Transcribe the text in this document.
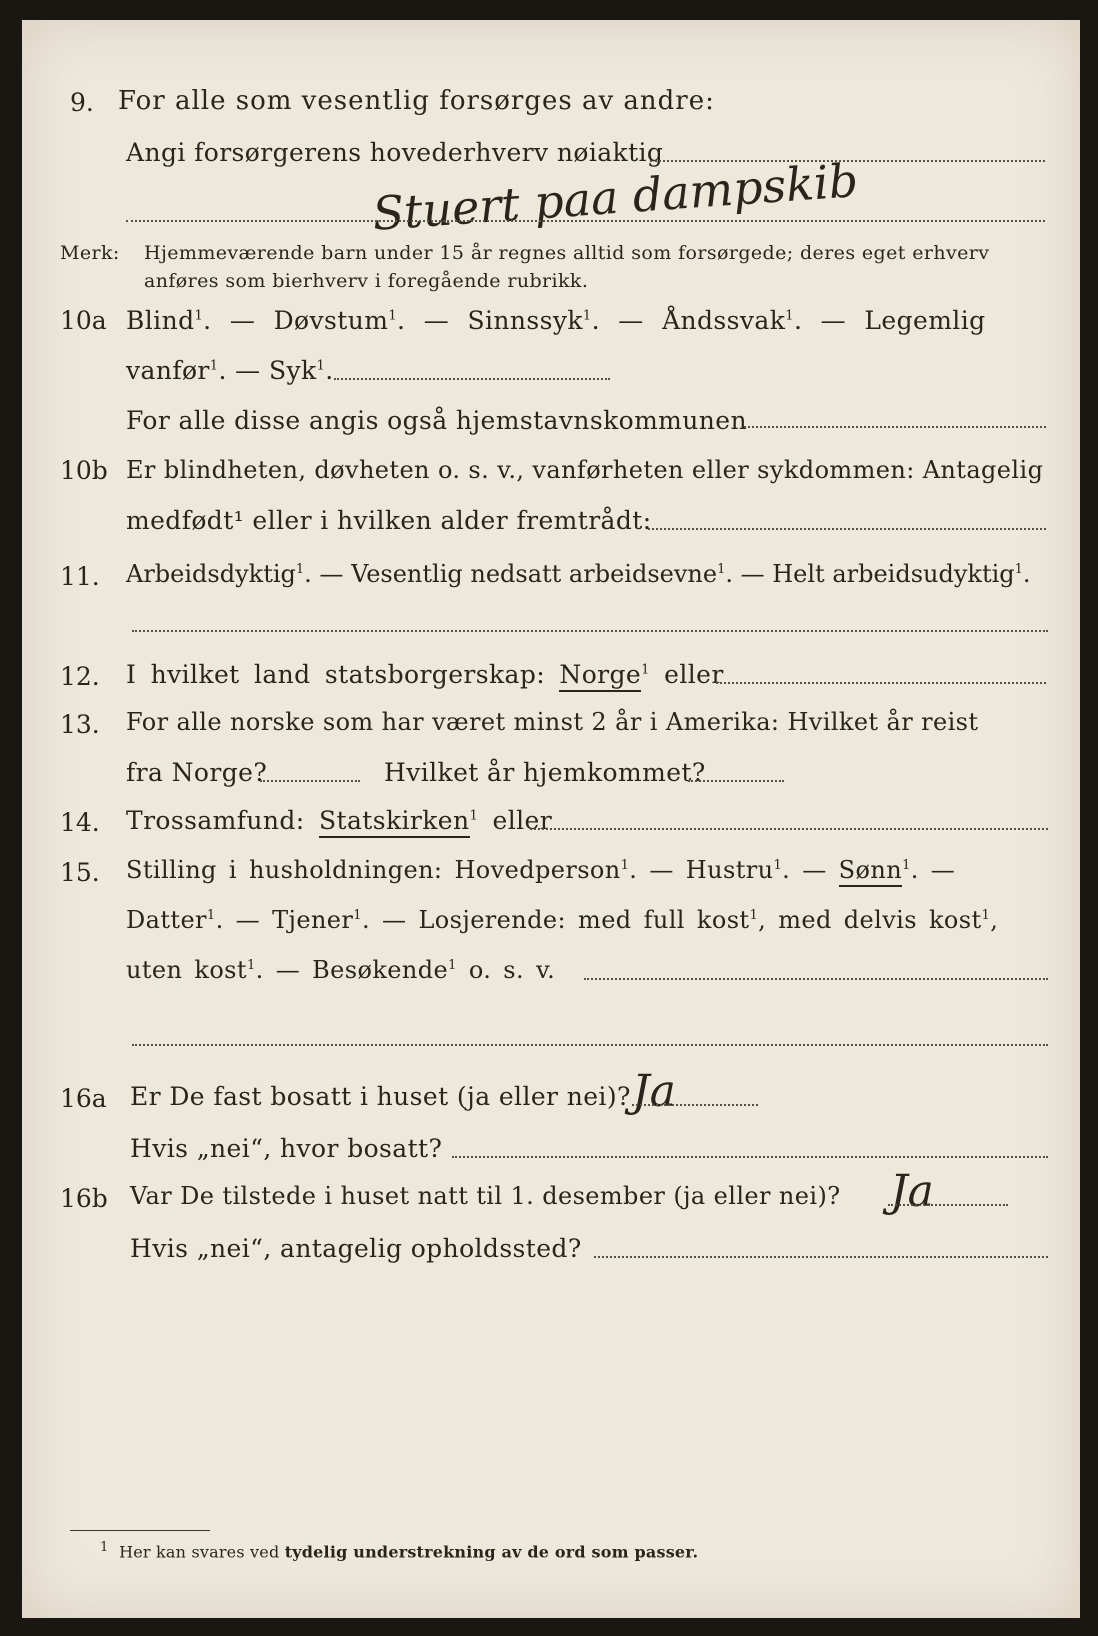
9. For alle som vesentlig forsørges av andre:
Angi forsørgerens hovederhverv nøiaktig
Stuert paa dampskib
Merk: Hjemmeværende barn under 15 år regnes alltid som forsørgede; deres eget erhverv
anføres som bierhverv i foregående rubrikk.
10a Blind$^1$. — Døvstum$^1$. — Sinnssyk$^1$. — Åndssvak$^1$. — Legemlig
vanfør$^1$. — Syk$^1$.
For alle disse angis også hjemstavnskommunen
10b Er blindheten, døvheten o. s. v., vanførheten eller sykdommen: Antagelig
medfødt¹ eller i hvilken alder fremtrådt:
11. Arbeidsdyktig$^1$. — Vesentlig nedsatt arbeidsevne$^1$. — Helt arbeidsudyktig$^1$.
12. I hvilket land statsborgerskap: Norge$^1$ eller
13. For alle norske som har været minst 2 år i Amerika: Hvilket år reist
fra Norge?	Hvilket år hjemkommet?
14. Trossamfund: Statskirken$^1$ eller
15. Stilling i husholdningen: Hovedperson$^1$. — Hustru$^1$. — Sønn$^1$. —
Datter$^1$. — Tjener$^1$. — Losjerende: med full kost$^1$, med delvis kost$^1$,
uten kost$^1$. — Besøkende$^1$ o. s. v.
16a Er De fast bosatt i huset (ja eller nei)? Ja
Hvis „nei“, hvor bosatt?
16b Var De tilstede i huset natt til 1. desember (ja eller nei)? Ja
Hvis „nei“, antagelig opholdssted?
$^1$ Her kan svares ved tydelig understrekning av de ord som passer.
